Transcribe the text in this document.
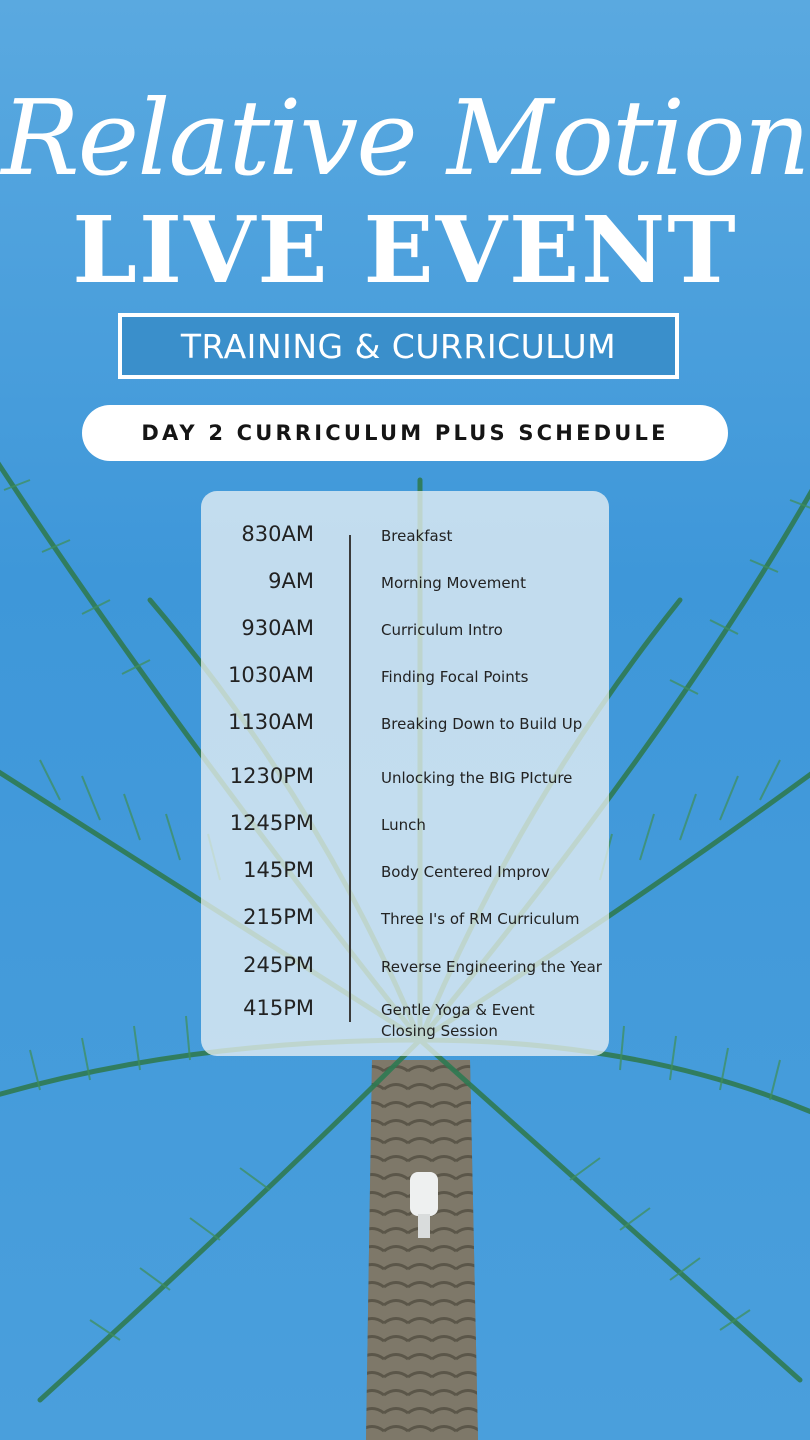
Relative Motion
LIVE EVENT
TRAINING & CURRICULUM
DAY 2 CURRICULUM PLUS SCHEDULE
830AM	Breakfast
9AM	Morning Movement
930AM	Curriculum Intro
1030AM	Finding Focal Points
1130AM	Breaking Down to Build Up
1230PM	Unlocking the BIG PIcture
1245PM	Lunch
145PM	Body Centered Improv
215PM	Three I's of RM Curriculum
245PM	Reverse Engineering the Year
415PM	Gentle Yoga & Event
Closing Session
